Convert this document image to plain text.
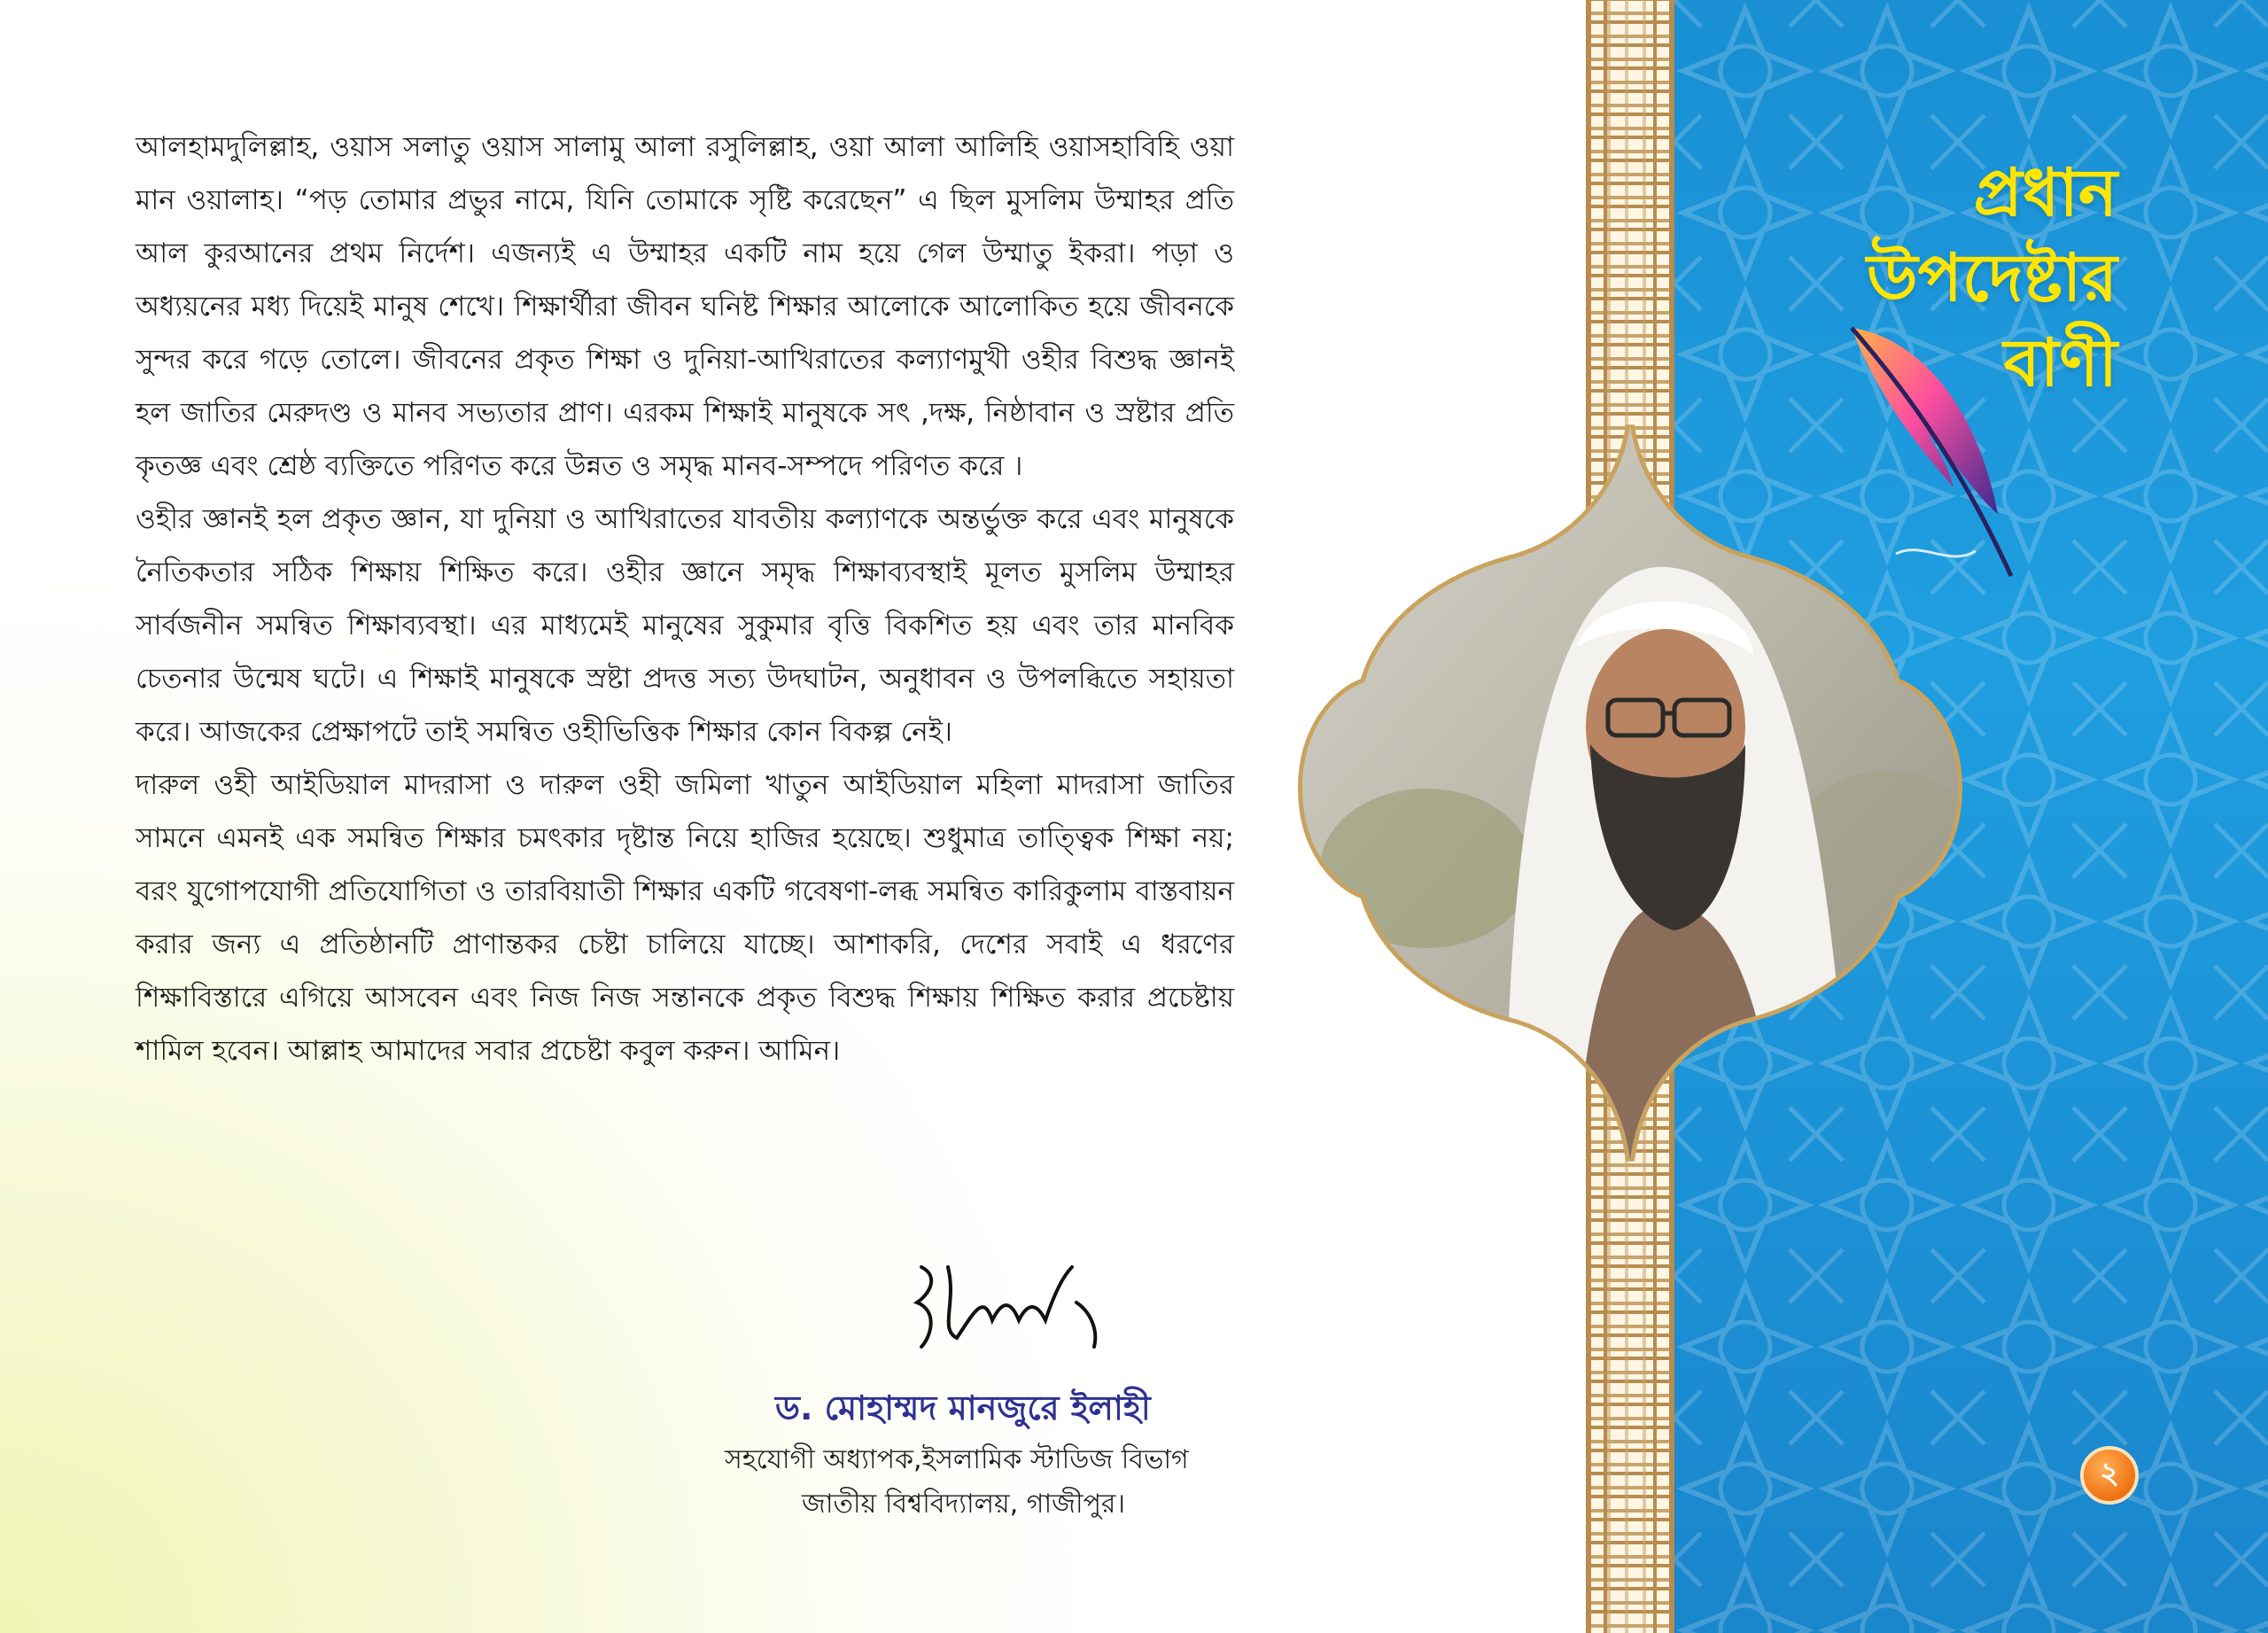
প্রধান
উপদেষ্টার
বাণী

আলহামদুলিল্লাহ, ওয়াস সলাতু ওয়াস সালামু আলা রসুলিল্লাহ, ওয়া আলা আলিহি ওয়াসহাবিহি ওয়া মান ওয়ালাহ। “পড় তোমার প্রভুর নামে, যিনি তোমাকে সৃষ্টি করেছেন” এ ছিল মুসলিম উম্মাহর প্রতি আল কুরআনের প্রথম নির্দেশ। এজন্যই এ উম্মাহর একটি নাম হয়ে গেল উম্মাতু ইকরা। পড়া ও অধ্যয়নের মধ্য দিয়েই মানুষ শেখে। শিক্ষার্থীরা জীবন ঘনিষ্ট শিক্ষার আলোকে আলোকিত হয়ে জীবনকে সুন্দর করে গড়ে তোলে। জীবনের প্রকৃত শিক্ষা ও দুনিয়া-আখিরাতের কল্যাণমুখী ওহীর বিশুদ্ধ জ্ঞানই হল জাতির মেরুদণ্ড ও মানব সভ্যতার প্রাণ। এরকম শিক্ষাই মানুষকে সৎ ,দক্ষ, নিষ্ঠাবান ও স্রষ্টার প্রতি কৃতজ্ঞ এবং শ্রেষ্ঠ ব্যক্তিতে পরিণত করে উন্নত ও সমৃদ্ধ মানব-সম্পদে পরিণত করে ।

ওহীর জ্ঞানই হল প্রকৃত জ্ঞান, যা দুনিয়া ও আখিরাতের যাবতীয় কল্যাণকে অন্তর্ভুক্ত করে এবং মানুষকে নৈতিকতার সঠিক শিক্ষায় শিক্ষিত করে। ওহীর জ্ঞানে সমৃদ্ধ শিক্ষাব্যবস্থাই মূলত মুসলিম উম্মাহর সার্বজনীন সমন্বিত শিক্ষাব্যবস্থা। এর মাধ্যমেই মানুষের সুকুমার বৃত্তি বিকশিত হয় এবং তার মানবিক চেতনার উন্মেষ ঘটে। এ শিক্ষাই মানুষকে স্রষ্টা প্রদত্ত সত্য উদঘাটন, অনুধাবন ও উপলব্ধিতে সহায়তা করে। আজকের প্রেক্ষাপটে তাই সমন্বিত ওহীভিত্তিক শিক্ষার কোন বিকল্প নেই।

দারুল ওহী আইডিয়াল মাদরাসা ও দারুল ওহী জমিলা খাতুন আইডিয়াল মহিলা মাদরাসা জাতির সামনে এমনই এক সমন্বিত শিক্ষার চমৎকার দৃষ্টান্ত নিয়ে হাজির হয়েছে। শুধুমাত্র তাত্ত্বিক শিক্ষা নয়; বরং যুগোপযোগী প্রতিযোগিতা ও তারবিয়াতী শিক্ষার একটি গবেষণা-লব্ধ সমন্বিত কারিকুলাম বাস্তবায়ন করার জন্য এ প্রতিষ্ঠানটি প্রাণান্তকর চেষ্টা চালিয়ে যাচ্ছে। আশাকরি, দেশের সবাই এ ধরণের শিক্ষাবিস্তারে এগিয়ে আসবেন এবং নিজ নিজ সন্তানকে প্রকৃত বিশুদ্ধ শিক্ষায় শিক্ষিত করার প্রচেষ্টায় শামিল হবেন। আল্লাহ আমাদের সবার প্রচেষ্টা কবুল করুন। আমিন।

ড. মোহাম্মদ মানজুরে ইলাহী
সহযোগী অধ্যাপক,ইসলামিক স্টাডিজ বিভাগ
জাতীয় বিশ্ববিদ্যালয়, গাজীপুর।
২
